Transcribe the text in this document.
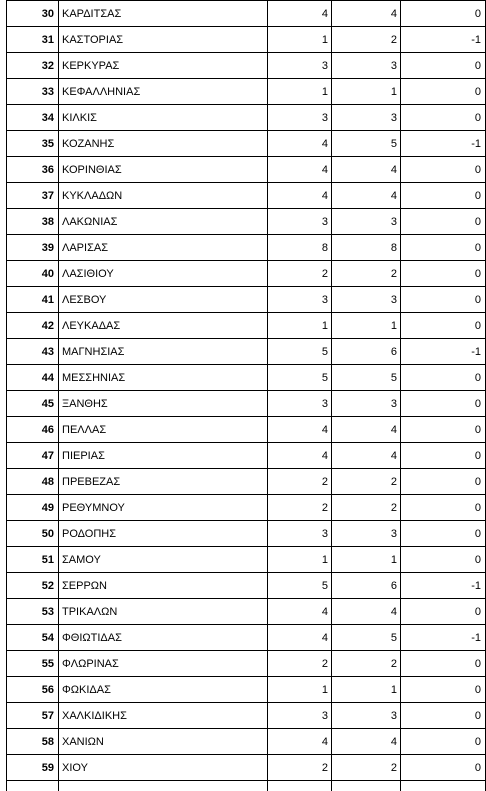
30	ΚΑΡΔΙΤΣΑΣ	4	4	0
31	ΚΑΣΤΟΡΙΑΣ	1	2	-1
32	ΚΕΡΚΥΡΑΣ	3	3	0
33	ΚΕΦΑΛΛΗΝΙΑΣ	1	1	0
34	ΚΙΛΚΙΣ	3	3	0
35	ΚΟΖΑΝΗΣ	4	5	-1
36	ΚΟΡΙΝΘΙΑΣ	4	4	0
37	ΚΥΚΛΑΔΩΝ	4	4	0
38	ΛΑΚΩΝΙΑΣ	3	3	0
39	ΛΑΡΙΣΑΣ	8	8	0
40	ΛΑΣΙΘΙΟΥ	2	2	0
41	ΛΕΣΒΟΥ	3	3	0
42	ΛΕΥΚΑΔΑΣ	1	1	0
43	ΜΑΓΝΗΣΙΑΣ	5	6	-1
44	ΜΕΣΣΗΝΙΑΣ	5	5	0
45	ΞΑΝΘΗΣ	3	3	0
46	ΠΕΛΛΑΣ	4	4	0
47	ΠΙΕΡΙΑΣ	4	4	0
48	ΠΡΕΒΕΖΑΣ	2	2	0
49	ΡΕΘΥΜΝΟΥ	2	2	0
50	ΡΟΔΟΠΗΣ	3	3	0
51	ΣΑΜΟΥ	1	1	0
52	ΣΕΡΡΩΝ	5	6	-1
53	ΤΡΙΚΑΛΩΝ	4	4	0
54	ΦΘΙΩΤΙΔΑΣ	4	5	-1
55	ΦΛΩΡΙΝΑΣ	2	2	0
56	ΦΩΚΙΔΑΣ	1	1	0
57	ΧΑΛΚΙΔΙΚΗΣ	3	3	0
58	ΧΑΝΙΩΝ	4	4	0
59	ΧΙΟΥ	2	2	0
